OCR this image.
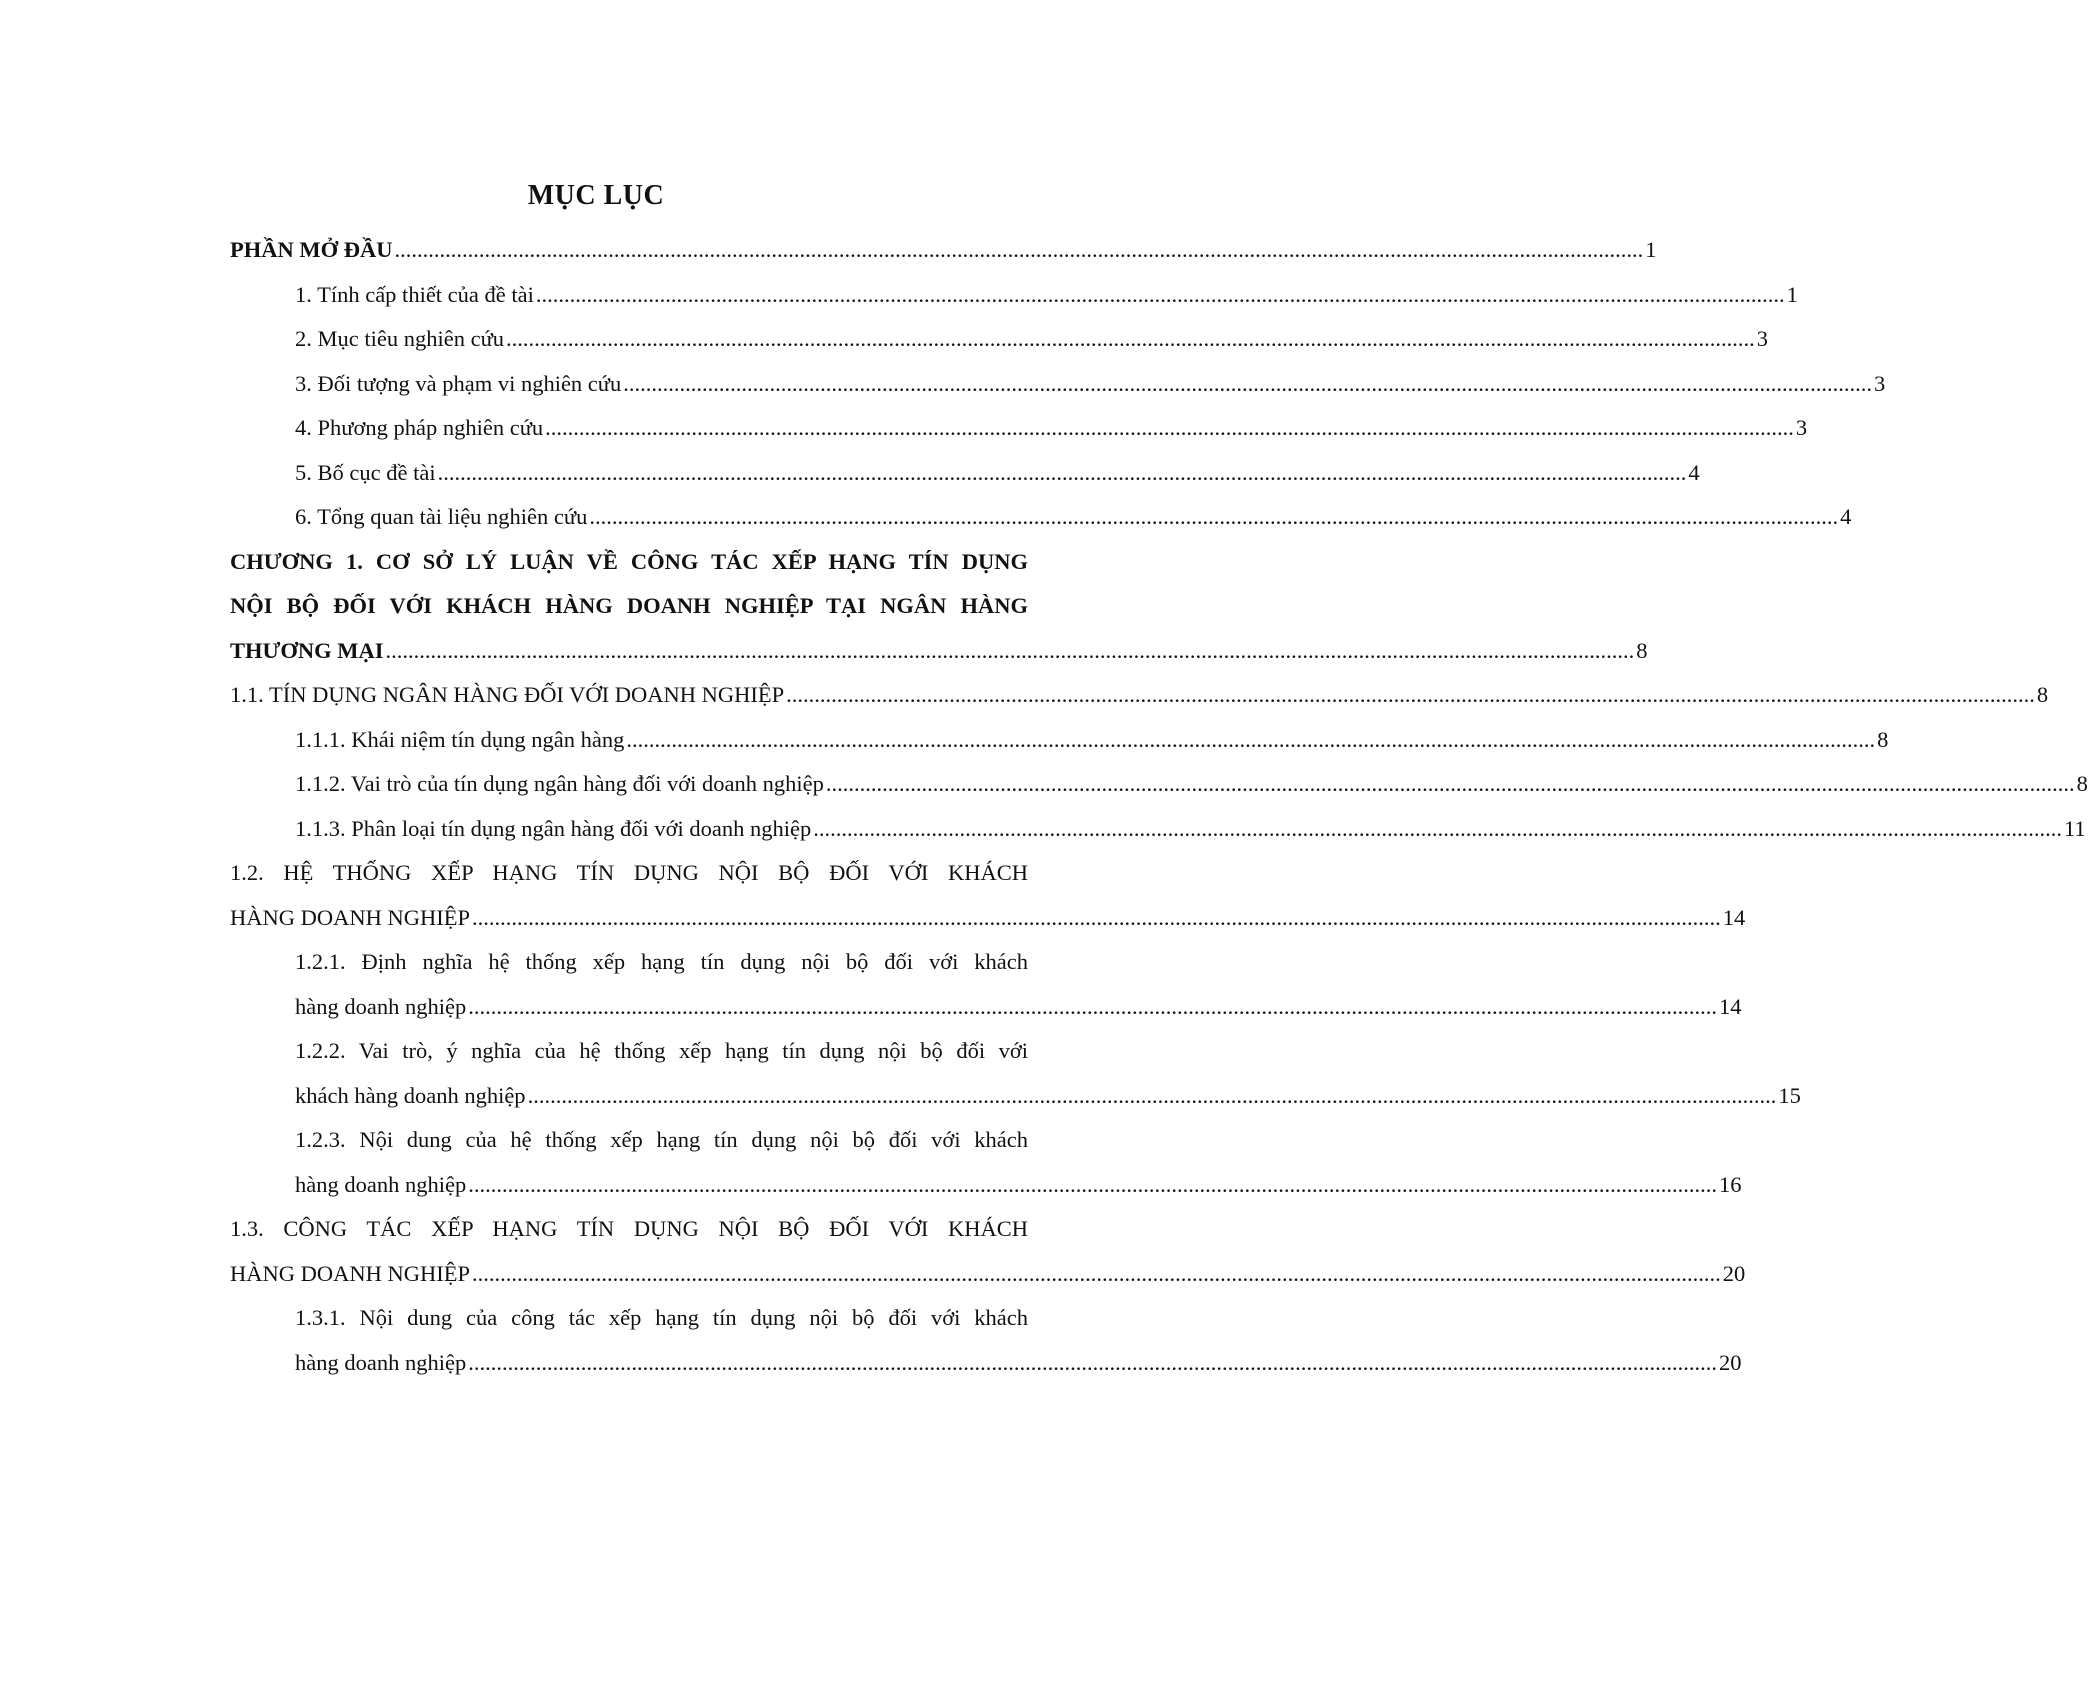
MỤC LỤC
PHẦN MỞ ĐẦU .............................................................................................................................................................................................................................. 1
1. Tính cấp thiết của đề tài .............................................................................................................................................................................................................................. 1
2. Mục tiêu nghiên cứu .............................................................................................................................................................................................................................. 3
3. Đối tượng và phạm vi nghiên cứu .............................................................................................................................................................................................................................. 3
4. Phương pháp nghiên cứu .............................................................................................................................................................................................................................. 3
5. Bố cục đề tài .............................................................................................................................................................................................................................. 4
6. Tổng quan tài liệu nghiên cứu .............................................................................................................................................................................................................................. 4
CHƯƠNG 1. CƠ SỞ LÝ LUẬN VỀ CÔNG TÁC XẾP HẠNG TÍN DỤNG
NỘI BỘ ĐỐI VỚI KHÁCH HÀNG DOANH NGHIỆP TẠI NGÂN HÀNG
THƯƠNG MẠI .............................................................................................................................................................................................................................. 8
1.1. TÍN DỤNG NGÂN HÀNG ĐỐI VỚI DOANH NGHIỆP .............................................................................................................................................................................................................................. 8
1.1.1. Khái niệm tín dụng ngân hàng .............................................................................................................................................................................................................................. 8
1.1.2. Vai trò của tín dụng ngân hàng đối với doanh nghiệp .............................................................................................................................................................................................................................. 8
1.1.3. Phân loại tín dụng ngân hàng đối với doanh nghiệp .............................................................................................................................................................................................................................. 11
1.2. HỆ THỐNG XẾP HẠNG TÍN DỤNG NỘI BỘ ĐỐI VỚI KHÁCH
HÀNG DOANH NGHIỆP .............................................................................................................................................................................................................................. 14
1.2.1. Định nghĩa hệ thống xếp hạng tín dụng nội bộ đối với khách
hàng doanh nghiệp .............................................................................................................................................................................................................................. 14
1.2.2. Vai trò, ý nghĩa của hệ thống xếp hạng tín dụng nội bộ đối với
khách hàng doanh nghiệp .............................................................................................................................................................................................................................. 15
1.2.3. Nội dung của hệ thống xếp hạng tín dụng nội bộ đối với khách
hàng doanh nghiệp .............................................................................................................................................................................................................................. 16
1.3. CÔNG TÁC XẾP HẠNG TÍN DỤNG NỘI BỘ ĐỐI VỚI KHÁCH
HÀNG DOANH NGHIỆP .............................................................................................................................................................................................................................. 20
1.3.1. Nội dung của công tác xếp hạng tín dụng nội bộ đối với khách
hàng doanh nghiệp .............................................................................................................................................................................................................................. 20
